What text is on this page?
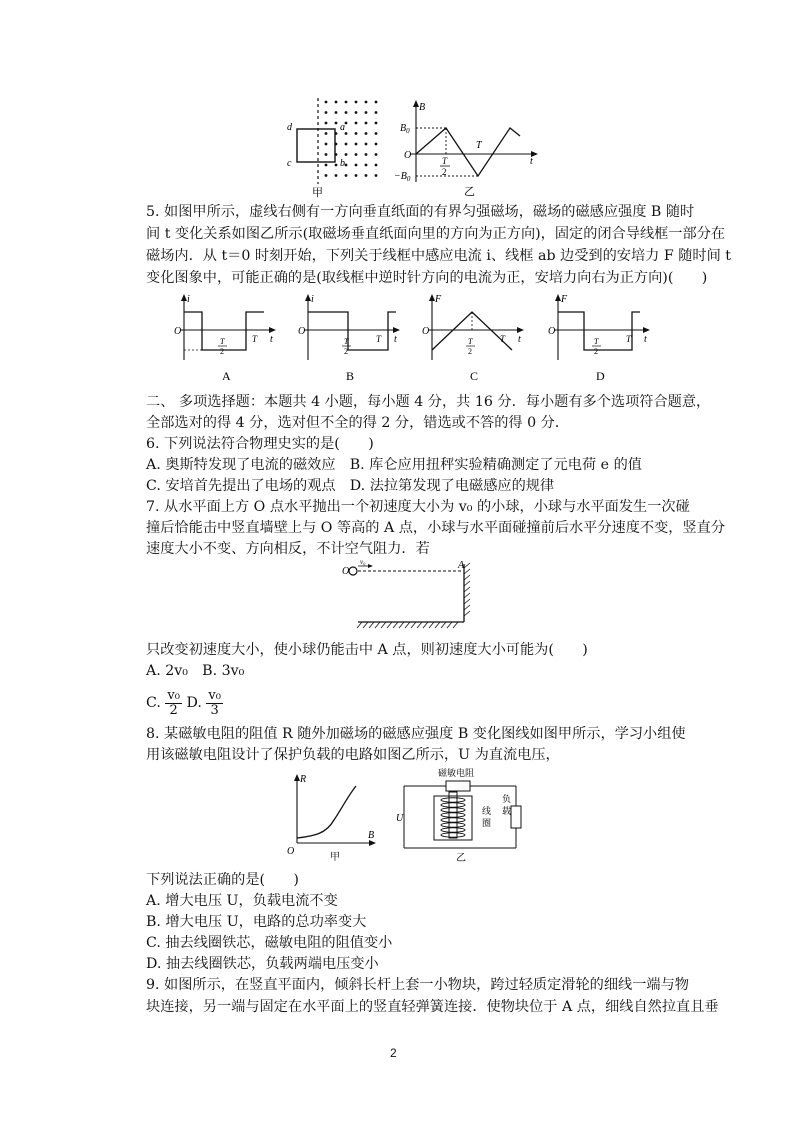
d	a
c	b
甲
B
t
$B_0$
$-B_0$
O	T
2
T
乙
5. 如图甲所示，虚线右侧有一方向垂直纸面的有界匀强磁场，磁场的磁感应强度 B 随时
间 t 变化关系如图乙所示(取磁场垂直纸面向里的方向为正方向)，固定的闭合导线框一部分在
磁场内．从 t＝0 时刻开始，下列关于线框中感应电流 i、线框 ab 边受到的安培力 F 随时间 t
变化图象中，可能正确的是(取线框中逆时针方向的电流为正，安培力向右为正方向)(　　)
i
O
t
T
2
T
A
i
O
t
T
2
T
B
F
O
t
T
2
T
C
F
O
t
T
2
T
D
二、 多项选择题：本题共 4 小题，每小题 4 分，共 16 分．每小题有多个选项符合题意，
全部选对的得 4 分，选对但不全的得 2 分，错选或不答的得 0 分．
6. 下列说法符合物理史实的是(　　)
A. 奥斯特发现了电流的磁效应　B. 库仑应用扭秤实验精确测定了元电荷 e 的值
C. 安培首先提出了电场的观点　D. 法拉第发现了电磁感应的规律
7. 从水平面上方 O 点水平抛出一个初速度大小为 v₀ 的小球，小球与水平面发生一次碰
撞后恰能击中竖直墙壁上与 O 等高的 A 点，小球与水平面碰撞前后水平分速度不变，竖直分
速度大小不变、方向相反，不计空气阻力．若
O
v₀	A
只改变初速度大小，使小球仍能击中 A 点，则初速度大小可能为(　　)
A. 2v₀　B. 3v₀
C. $\frac{\text{v₀}}{2} D$. $\frac{\text{v₀}}{3}$
8. 某磁敏电阻的阻值 R 随外加磁场的磁感应强度 B 变化图线如图甲所示，学习小组使
用该磁敏电阻设计了保护负载的电路如图乙所示，U 为直流电压，
R
B
O
甲
磁敏电阻
U
线
圈
负
载
乙
下列说法正确的是(　　)
A. 增大电压 U，负载电流不变
B. 增大电压 U，电路的总功率变大
C. 抽去线圈铁芯，磁敏电阻的阻值变小
D. 抽去线圈铁芯，负载两端电压变小
9. 如图所示，在竖直平面内，倾斜长杆上套一小物块，跨过轻质定滑轮的细线一端与物
块连接，另一端与固定在水平面上的竖直轻弹簧连接．使物块位于 A 点，细线自然拉直且垂
2
